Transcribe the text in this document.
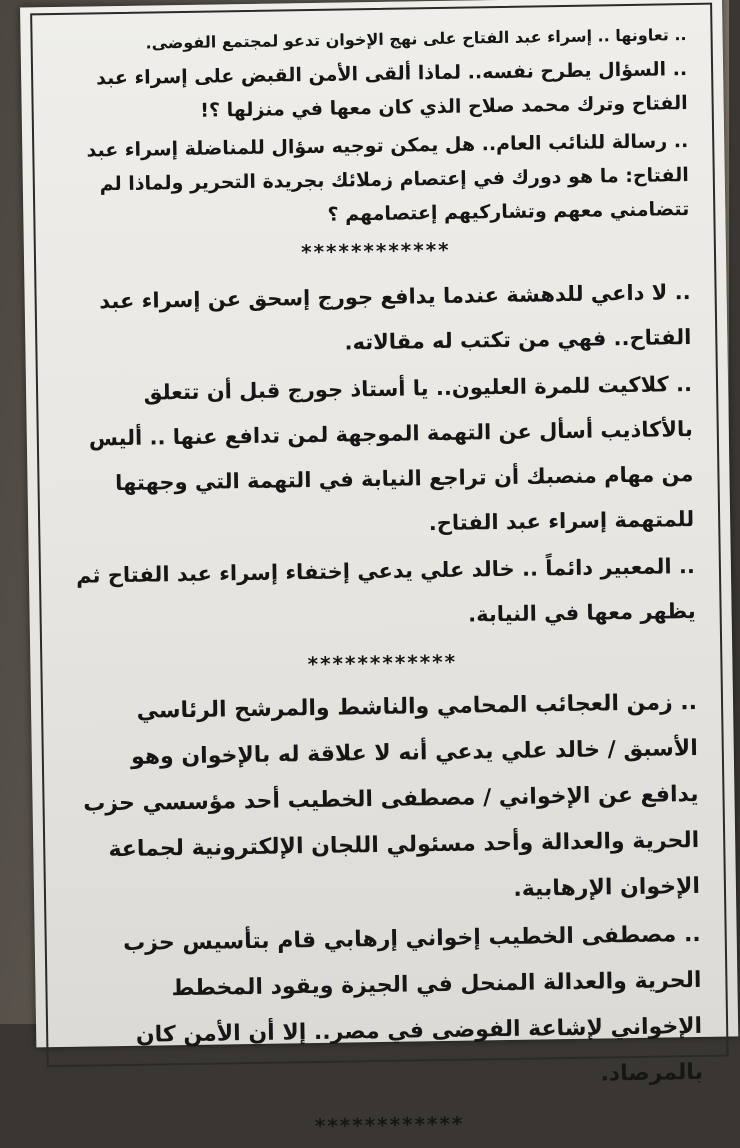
.. تعاونها .. إسراء عبد الفتاح على نهج الإخوان تدعو لمجتمع الفوضى.

.. السؤال يطرح نفسه.. لماذا ألقى الأمن القبض على إسراء عبد الفتاح وترك محمد صلاح الذي كان معها في منزلها ؟!

.. رسالة للنائب العام.. هل يمكن توجيه سؤال للمناضلة إسراء عبد الفتاح: ما هو دورك في إعتصام زملائك بجريدة التحرير ولماذا لم تتضامني معهم وتشاركيهم إعتصامهم ؟

************

.. لا داعي للدهشة عندما يدافع جورج إسحق عن إسراء عبد الفتاح.. فهي من تكتب له مقالاته.

.. كلاكيت للمرة العليون.. يا أستاذ جورج قبل أن تتعلق بالأكاذيب أسأل عن التهمة الموجهة لمن تدافع عنها .. أليس من مهام منصبك أن تراجع النيابة في التهمة التي وجهتها للمتهمة إسراء عبد الفتاح.

.. المعبير دائماً .. خالد علي يدعي إختفاء إسراء عبد الفتاح ثم يظهر معها في النيابة.

************

.. زمن العجائب المحامي والناشط والمرشح الرئاسي الأسبق / خالد علي يدعي أنه لا علاقة له بالإخوان وهو يدافع عن الإخواني / مصطفى الخطيب أحد مؤسسي حزب الحرية والعدالة وأحد مسئولي اللجان الإلكترونية لجماعة الإخوان الإرهابية.

.. مصطفى الخطيب إخواني إرهابي قام بتأسيس حزب الحرية والعدالة المنحل في الجيزة ويقود المخطط الإخواني لإشاعة الفوضى في مصر.. إلا أن الأمن كان بالمرصاد.

************
